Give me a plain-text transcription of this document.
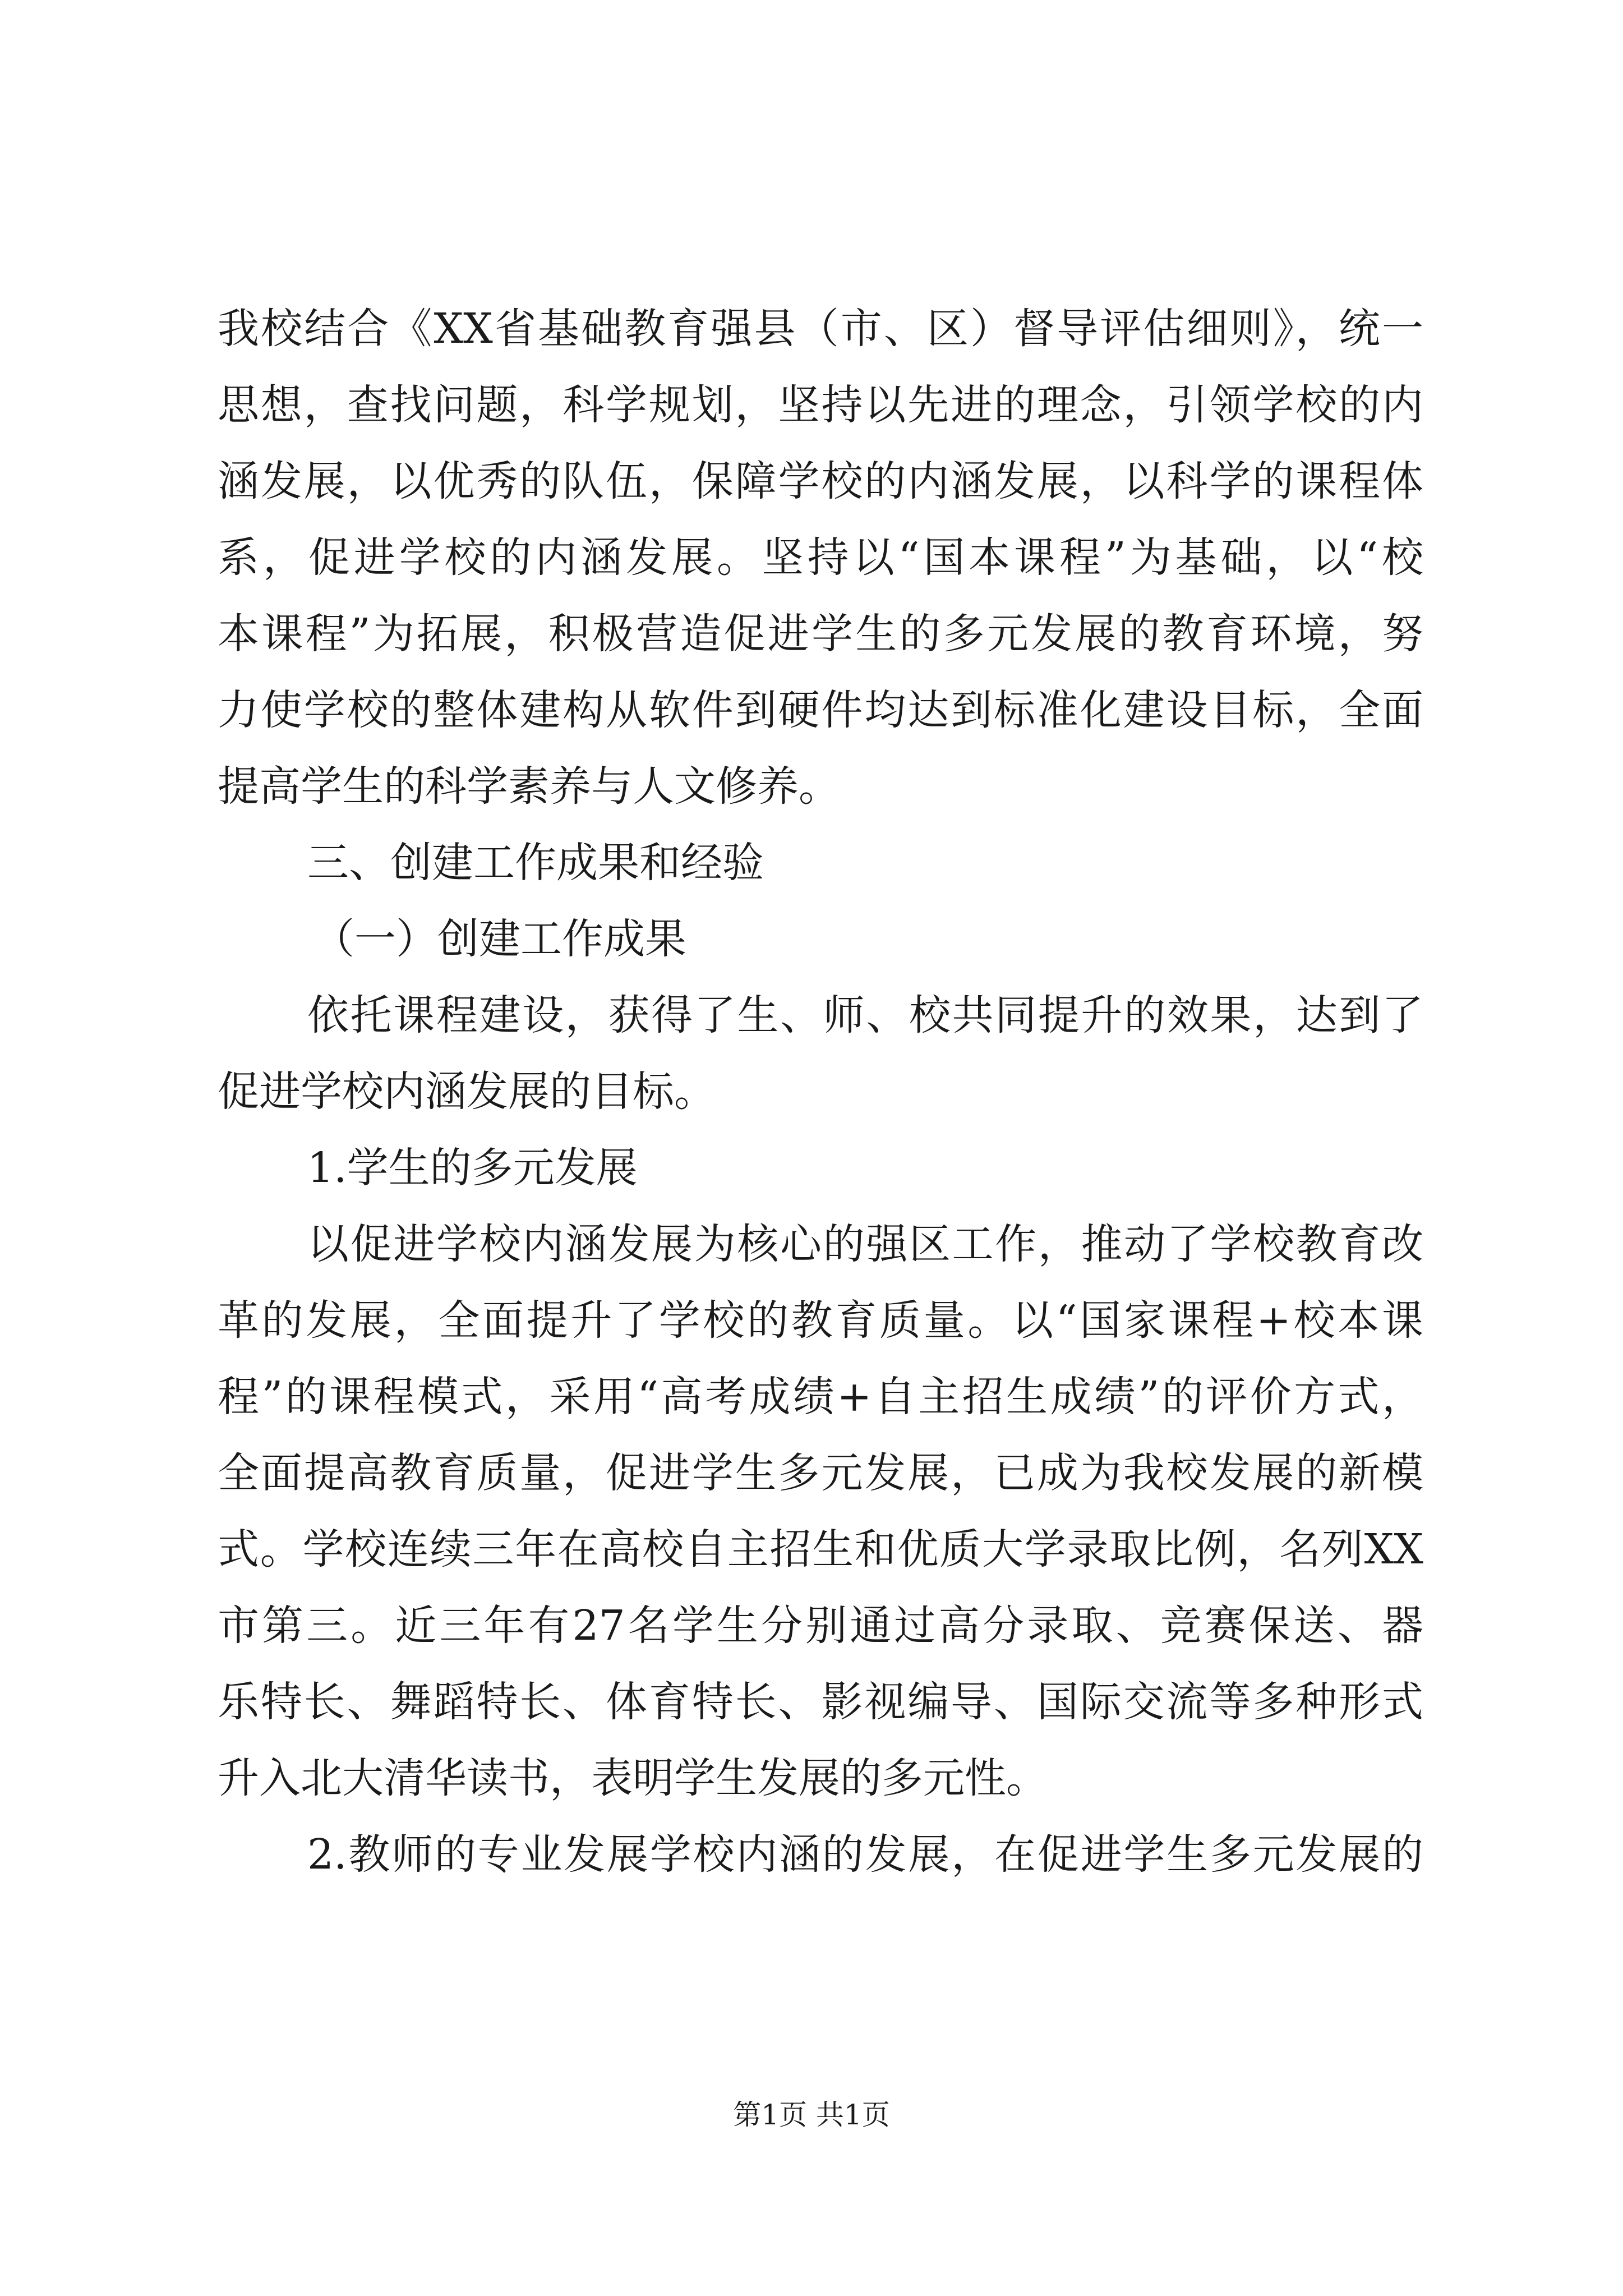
我校结合《XX省基础教育强县（市、区）督导评估细则》，统一
思想，查找问题，科学规划，坚持以先进的理念，引领学校的内
涵发展，以优秀的队伍，保障学校的内涵发展，以科学的课程体
系，促进学校的内涵发展。坚持以“国本课程”为基础，以“校
本课程”为拓展，积极营造促进学生的多元发展的教育环境，努
力使学校的整体建构从软件到硬件均达到标准化建设目标，全面
提高学生的科学素养与人文修养。
三、创建工作成果和经验
（一）创建工作成果
依托课程建设，获得了生、师、校共同提升的效果，达到了
促进学校内涵发展的目标。
1.学生的多元发展
以促进学校内涵发展为核心的强区工作，推动了学校教育改
革的发展，全面提升了学校的教育质量。以“国家课程+校本课
程”的课程模式，采用“高考成绩+自主招生成绩”的评价方式，
全面提高教育质量，促进学生多元发展，已成为我校发展的新模
式。学校连续三年在高校自主招生和优质大学录取比例，名列XX
市第三。近三年有27名学生分别通过高分录取、竞赛保送、器
乐特长、舞蹈特长、体育特长、影视编导、国际交流等多种形式
升入北大清华读书，表明学生发展的多元性。
2.教师的专业发展学校内涵的发展，在促进学生多元发展的
第1页 共1页
